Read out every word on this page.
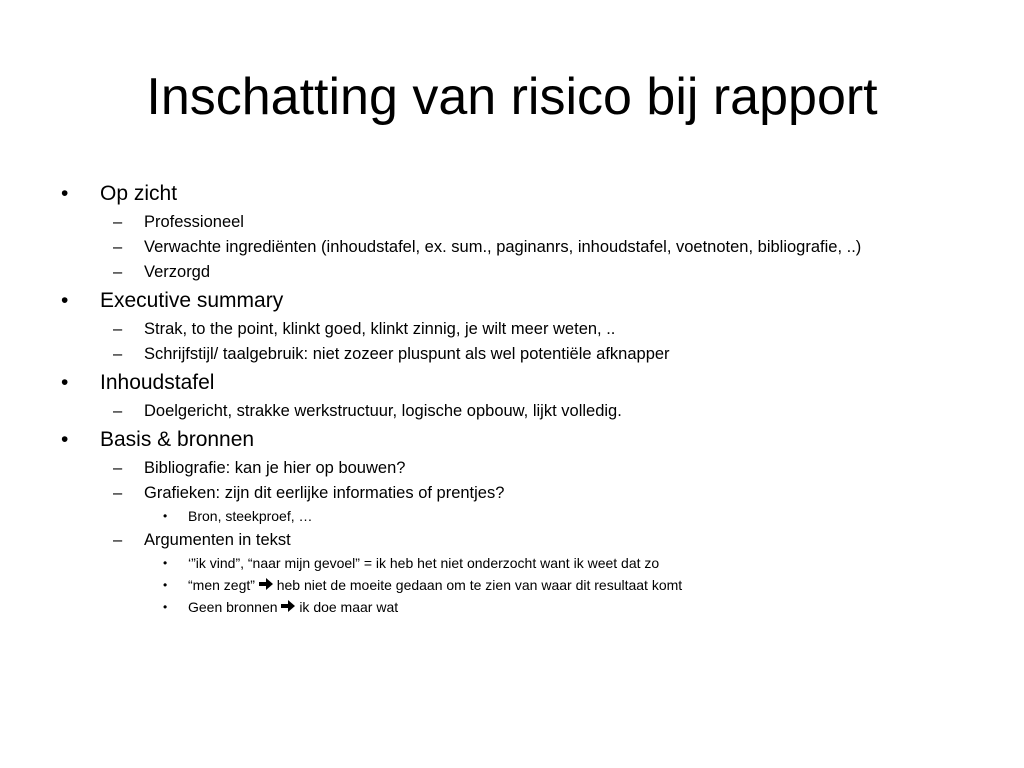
Inschatting van risico bij rapport
• Op zicht
– Professioneel
– Verwachte ingrediënten (inhoudstafel, ex. sum., paginanrs, inhoudstafel, voetnoten, bibliografie, ..)
– Verzorgd
• Executive summary
– Strak, to the point, klinkt goed, klinkt zinnig, je wilt meer weten, ..
– Schrijfstijl/ taalgebruik: niet zozeer pluspunt als wel potentiële afknapper
• Inhoudstafel
– Doelgericht, strakke werkstructuur, logische opbouw, lijkt volledig.
• Basis & bronnen
– Bibliografie: kan je hier op bouwen?
– Grafieken: zijn dit eerlijke informaties of prentjes?
• Bron, steekproef, …
– Argumenten in tekst
• ‘”ik vind”, “naar mijn gevoel” = ik heb het niet onderzocht want ik weet dat zo
• “men zegt” heb niet de moeite gedaan om te zien van waar dit resultaat komt
• Geen bronnen ik doe maar wat
